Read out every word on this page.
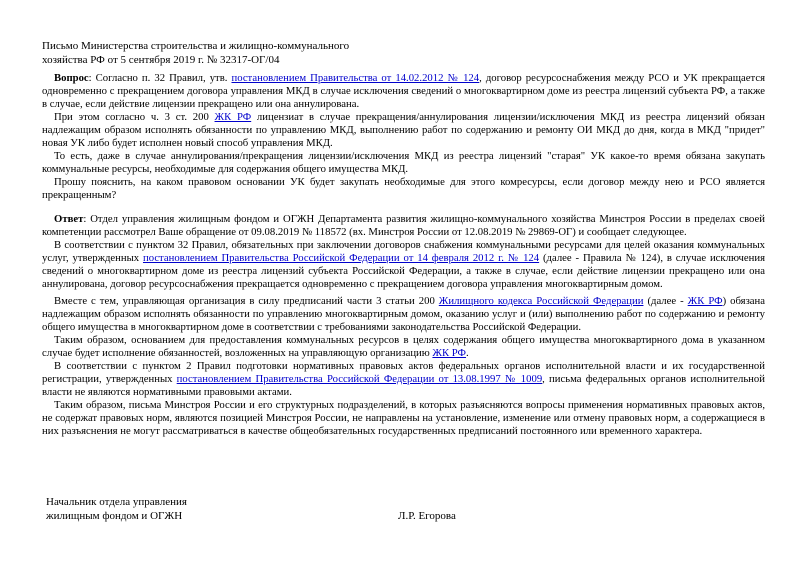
Письмо Министерства строительства и жилищно-коммунального
хозяйства РФ от 5 сентября 2019 г. № 32317-ОГ/04

Вопрос: Согласно п. 32 Правил, утв. постановлением Правительства от 14.02.2012 № 124, договор ресурсоснабжения между РСО и УК прекращается одновременно с прекращением договора управления МКД в случае исключения сведений о многоквартирном доме из реестра лицензий субъекта РФ, а также в случае, если действие лицензии прекращено или она аннулирована.

При этом согласно ч. 3 ст. 200 ЖК РФ лицензиат в случае прекращения/аннулирования лицензии/исключения МКД из реестра лицензий обязан надлежащим образом исполнять обязанности по управлению МКД, выполнению работ по содержанию и ремонту ОИ МКД до дня, когда в МКД "придет" новая УК либо будет исполнен новый способ управления МКД.

То есть, даже в случае аннулирования/прекращения лицензии/исключения МКД из реестра лицензий "старая" УК какое-то время обязана закупать коммунальные ресурсы, необходимые для содержания общего имущества МКД.

Прошу пояснить, на каком правовом основании УК будет закупать необходимые для этого комресурсы, если договор между нею и РСО является прекращенным?

Ответ: Отдел управления жилищным фондом и ОГЖН Департамента развития жилищно-коммунального хозяйства Минстроя России в пределах своей компетенции рассмотрел Ваше обращение от 09.08.2019 № 118572 (вх. Минстроя России от 12.08.2019 № 29869-ОГ) и сообщает следующее.

В соответствии с пунктом 32 Правил, обязательных при заключении договоров снабжения коммунальными ресурсами для целей оказания коммунальных услуг, утвержденных постановлением Правительства Российской Федерации от 14 февраля 2012 г. № 124 (далее - Правила № 124), в случае исключения сведений о многоквартирном доме из реестра лицензий субъекта Российской Федерации, а также в случае, если действие лицензии прекращено или она аннулирована, договор ресурсоснабжения прекращается одновременно с прекращением договора управления многоквартирным домом.

Вместе с тем, управляющая организация в силу предписаний части 3 статьи 200 Жилищного кодекса Российской Федерации (далее - ЖК РФ) обязана надлежащим образом исполнять обязанности по управлению многоквартирным домом, оказанию услуг и (или) выполнению работ по содержанию и ремонту общего имущества в многоквартирном доме в соответствии с требованиями законодательства Российской Федерации.

Таким образом, основанием для предоставления коммунальных ресурсов в целях содержания общего имущества многоквартирного дома в указанном случае будет исполнение обязанностей, возложенных на управляющую организацию ЖК РФ.

В соответствии с пунктом 2 Правил подготовки нормативных правовых актов федеральных органов исполнительной власти и их государственной регистрации, утвержденных постановлением Правительства Российской Федерации от 13.08.1997 № 1009, письма федеральных органов исполнительной власти не являются нормативными правовыми актами.

Таким образом, письма Минстроя России и его структурных подразделений, в которых разъясняются вопросы применения нормативных правовых актов, не содержат правовых норм, являются позицией Минстроя России, не направлены на установление, изменение или отмену правовых норм, а содержащиеся в них разъяснения не могут рассматриваться в качестве общеобязательных государственных предписаний постоянного или временного характера.

Начальник отдела управления
жилищным фондом и ОГЖН	Л.Р. Егорова
